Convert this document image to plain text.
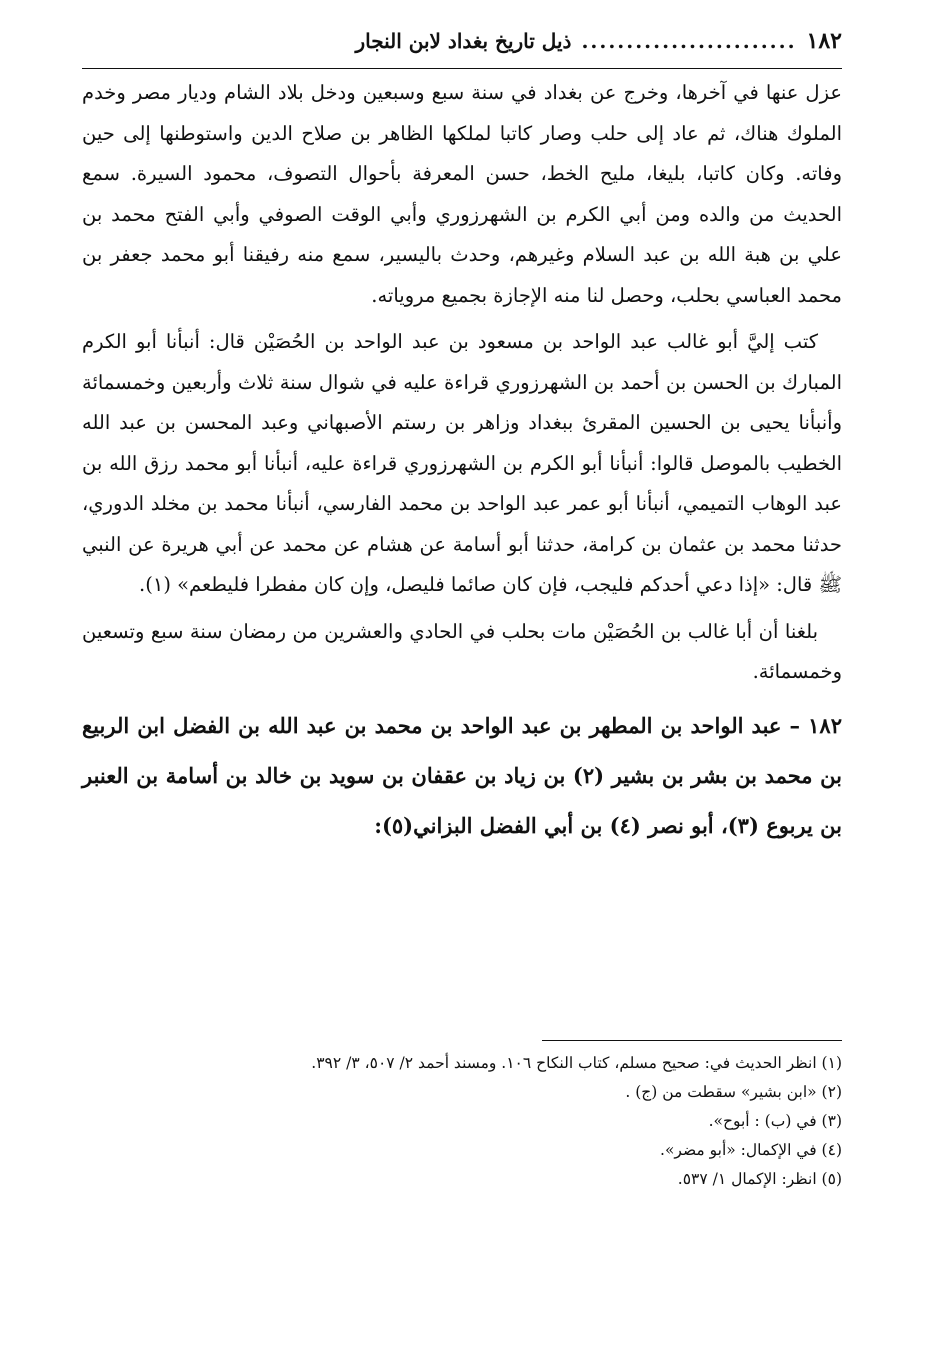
١٨٢
........................
ذيل تاريخ بغداد لابن النجار

عزل عنها في آخرها، وخرج عن بغداد في سنة سبع وسبعين ودخل بلاد الشام وديار مصر وخدم الملوك هناك، ثم عاد إلى حلب وصار كاتبا لملكها الظاهر بن صلاح الدين واستوطنها إلى حين وفاته. وكان كاتبا، بليغا، مليح الخط، حسن المعرفة بأحوال التصوف، محمود السيرة. سمع الحديث من والده ومن أبي الكرم بن الشهرزوري وأبي الوقت الصوفي وأبي الفتح محمد بن علي بن هبة الله بن عبد السلام وغيرهم، وحدث باليسير، سمع منه رفيقنا أبو محمد جعفر بن محمد العباسي بحلب، وحصل لنا منه الإجازة بجميع مروياته.

كتب إليَّ أبو غالب عبد الواحد بن مسعود بن عبد الواحد بن الحُصَيْن قال: أنبأنا أبو الكرم المبارك بن الحسن بن أحمد بن الشهرزوري قراءة عليه في شوال سنة ثلاث وأربعين وخمسمائة وأنبأنا يحيى بن الحسين المقرئ ببغداد وزاهر بن رستم الأصبهاني وعبد المحسن بن عبد الله الخطيب بالموصل قالوا: أنبأنا أبو الكرم بن الشهرزوري قراءة عليه، أنبأنا أبو محمد رزق الله بن عبد الوهاب التميمي، أنبأنا أبو عمر عبد الواحد بن محمد الفارسي، أنبأنا محمد بن مخلد الدوري، حدثنا محمد بن عثمان بن كرامة، حدثنا أبو أسامة عن هشام عن محمد عن أبي هريرة عن النبي ﷺ قال: «إذا دعي أحدكم فليجب، فإن كان صائما فليصل، وإن كان مفطرا فليطعم» (١).

بلغنا أن أبا غالب بن الحُصَيْن مات بحلب في الحادي والعشرين من رمضان سنة سبع وتسعين وخمسمائة.

١٨٢ – عبد الواحد بن المطهر بن عبد الواحد بن محمد بن عبد الله بن الفضل ابن الربيع بن محمد بن بشر بن بشير (٢) بن زياد بن عقفان بن سويد بن خالد بن أسامة بن العنبر بن يربوع (٣)، أبو نصر (٤) بن أبي الفضل البزاني(٥):

(١) انظر الحديث في: صحيح مسلم، كتاب النكاح ١٠٦. ومسند أحمد ٢/ ٥٠٧، ٣/ ٣٩٢.

(٢) «ابن بشير» سقطت من (ج) .

(٣) في (ب) : أبوح».

(٤) في الإكمال: «أبو مضر».

(٥) انظر: الإكمال ١/ ٥٣٧.
